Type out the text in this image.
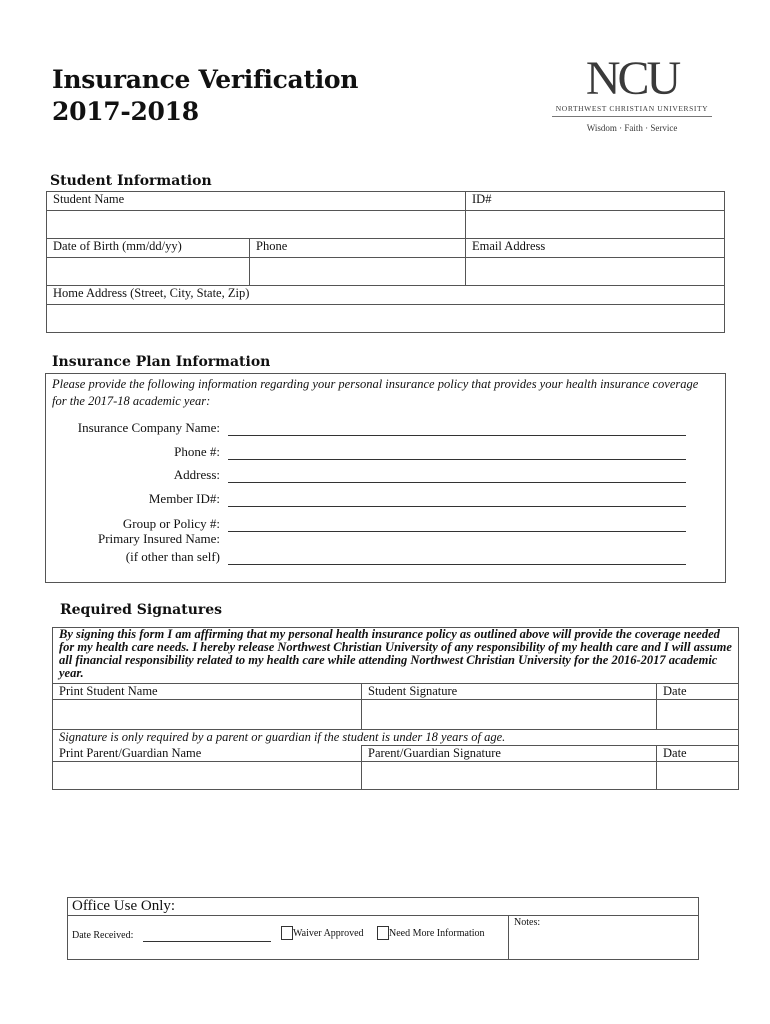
Insurance Verification
2017-2018
NCU
NORTHWEST CHRISTIAN UNIVERSITY
Wisdom · Faith · Service
Student Information
Student Name		ID#

Date of Birth (mm/dd/yy)	Phone	Email Address

Home Address (Street, City, State, Zip)		

Insurance Plan Information
Please provide the following information regarding your personal insurance policy that provides your health insurance coverage for the 2017-18 academic year:
Insurance Company Name:
Phone #:
Address:
Member ID#:
Group or Policy #:
Primary Insured Name:
(if other than self)
Required Signatures
By signing this form I am affirming that my personal health insurance policy as outlined above will provide the coverage needed for my health care needs. I hereby release Northwest Christian University of any responsibility of my health care and I will assume all financial responsibility related to my health care while attending Northwest Christian University for the 2016-2017 academic year.		
Print Student Name	Student Signature	Date

Signature is only required by a parent or guardian if the student is under 18 years of age.		
Print Parent/Guardian Name	Parent/Guardian Signature	Date

Office Use Only:
Notes:
Date Received:	Waiver Approved	Need More Information
